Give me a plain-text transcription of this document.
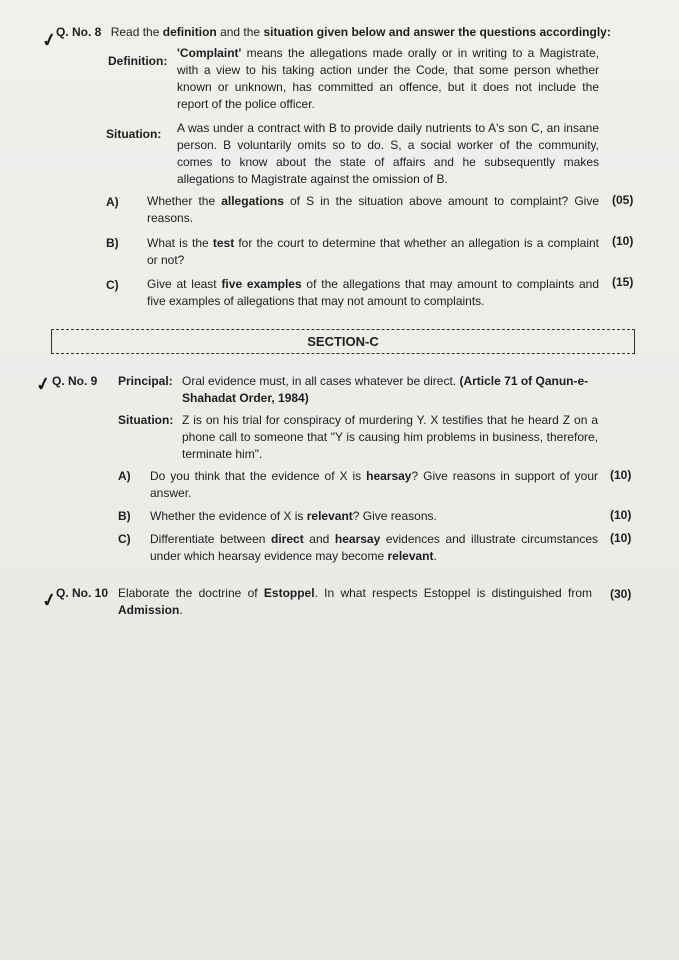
✓
Q. No. 8 Read the definition and the situation given below and answer the questions accordingly:
Definition:
'Complaint' means the allegations made orally or in writing to a Magistrate, with a view to his taking action under the Code, that some person whether known or unknown, has committed an offence, but it does not include the report of the police officer.
Situation: A was under a contract with B to provide daily nutrients to A's son C, an insane person. B voluntarily omits so to do. S, a social worker of the community, comes to know about the state of affairs and he subsequently makes allegations to Magistrate against the omission of B.
A) Whether the allegations of S in the situation above amount to complaint? Give reasons.
(05)
B) What is the test for the court to determine that whether an allegation is a complaint or not?
(10)
C) Give at least five examples of the allegations that may amount to complaints and five examples of allegations that may not amount to complaints.
(15)
SECTION-C
✓ Q. No. 9 Principal: Oral evidence must, in all cases whatever be direct. (Article 71 of Qanun-e-Shahadat Order, 1984)
Situation: Z is on his trial for conspiracy of murdering Y. X testifies that he heard Z on a phone call to someone that "Y is causing him problems in business, therefore, terminate him".
A) Do you think that the evidence of X is hearsay? Give reasons in support of your answer.
(10)
B) Whether the evidence of X is relevant? Give reasons.	(10)
C) Differentiate between direct and hearsay evidences and illustrate circumstances under which hearsay evidence may become relevant.
(10)
✓
Q. No. 10 Elaborate the doctrine of Estoppel. In what respects Estoppel is distinguished from Admission.
(30)
